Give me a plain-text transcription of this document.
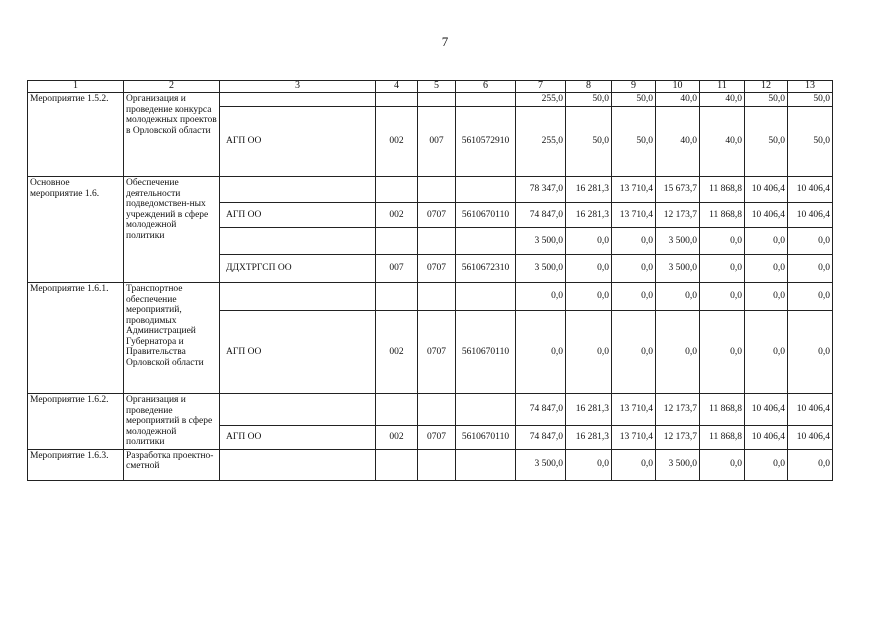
7
1	2	3	4	5	6	7	8	9	10	11	12	13
Мероприятие 1.5.2.	Организация и проведение конкурса молодежных проектов в Орловской области					255,0	50,0	50,0	40,0	40,0	50,0	50,0
		АГП ОО	002	007	5610572910	255,0	50,0	50,0	40,0	40,0	50,0	50,0
Основное мероприятие 1.6.	Обеспечение деятельности подведомствен-ных учреждений в сфере молодежной политики					78 347,0	16 281,3	13 710,4	15 673,7	11 868,8	10 406,4	10 406,4
		АГП ОО	002	0707	5610670110	74 847,0	16 281,3	13 710,4	12 173,7	11 868,8	10 406,4	10 406,4
						3 500,0	0,0	0,0	3 500,0	0,0	0,0	0,0
		ДДХТРГСП ОО	007	0707	5610672310	3 500,0	0,0	0,0	3 500,0	0,0	0,0	0,0
Мероприятие 1.6.1.	Транспортное обеспечение мероприятий, проводимых Администрацией Губернатора и Правительства Орловской области					0,0	0,0	0,0	0,0	0,0	0,0	0,0
		АГП ОО	002	0707	5610670110	0,0	0,0	0,0	0,0	0,0	0,0	0,0
Мероприятие 1.6.2.	Организация и проведение мероприятий в сфере молодежной политики					74 847,0	16 281,3	13 710,4	12 173,7	11 868,8	10 406,4	10 406,4
		АГП ОО	002	0707	5610670110	74 847,0	16 281,3	13 710,4	12 173,7	11 868,8	10 406,4	10 406,4
Мероприятие 1.6.3.	Разработка проектно-сметной					3 500,0	0,0	0,0	3 500,0	0,0	0,0	0,0
